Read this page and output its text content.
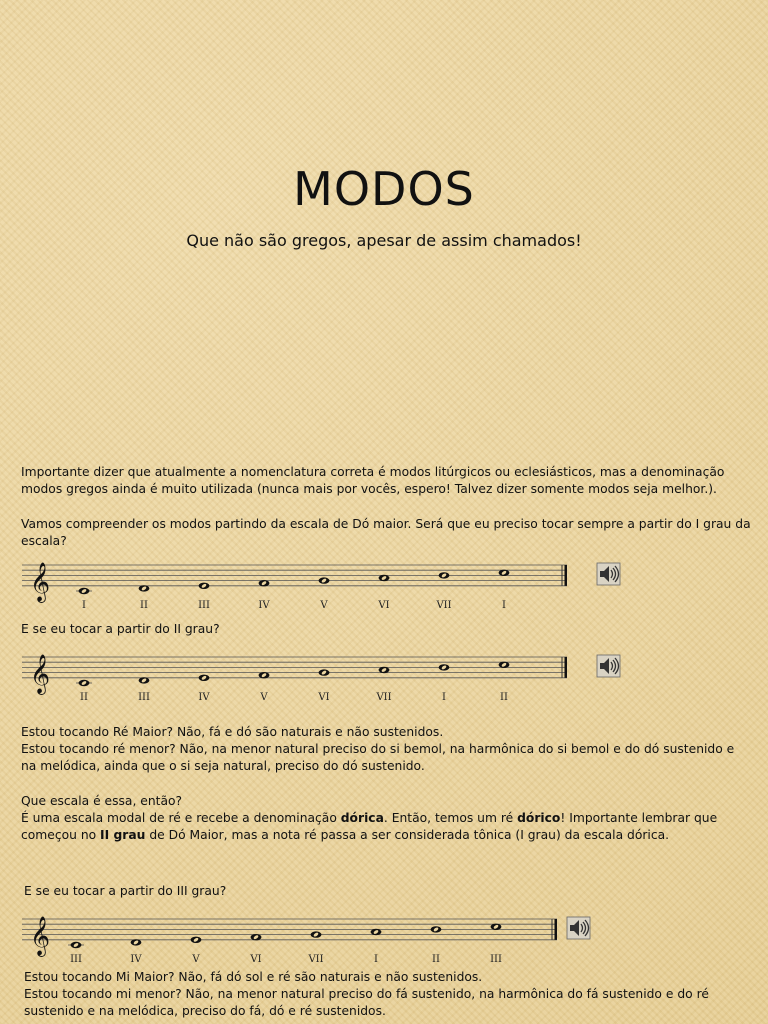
MODOS
Que não são gregos, apesar de assim chamados!
Importante dizer que atualmente a nomenclatura correta é modos litúrgicos ou eclesiásticos, mas a denominação modos gregos ainda é muito utilizada (nunca mais por vocês, espero! Talvez dizer somente modos seja melhor.).
Vamos compreender os modos partindo da escala de Dó maior. Será que eu preciso tocar sempre a partir do I grau da escala?
𝄞
I	II	III	IV	V	VI	VII	I
E se eu tocar a partir do II grau?
𝄞
II	III	IV	V	VI	VII	I	II

Estou tocando Ré Maior? Não, fá e dó são naturais e não sustenidos.

Estou tocando ré menor? Não, na menor natural preciso do si bemol, na harmônica do si bemol e do dó sustenido e na melódica, ainda que o si seja natural, preciso do dó sustenido.

Que escala é essa, então?

É uma escala modal de ré e recebe a denominação dórica. Então, temos um ré dórico! Importante lembrar que começou no II grau de Dó Maior, mas a nota ré passa a ser considerada tônica (I grau) da escala dórica.

E se eu tocar a partir do III grau?
𝄞
III	IV	V	VI	VII	I	II	III

Estou tocando Mi Maior? Não, fá dó sol e ré são naturais e não sustenidos.

Estou tocando mi menor? Não, na menor natural preciso do fá sustenido, na harmônica do fá sustenido e do ré sustenido e na melódica, preciso do fá, dó e ré sustenidos.
